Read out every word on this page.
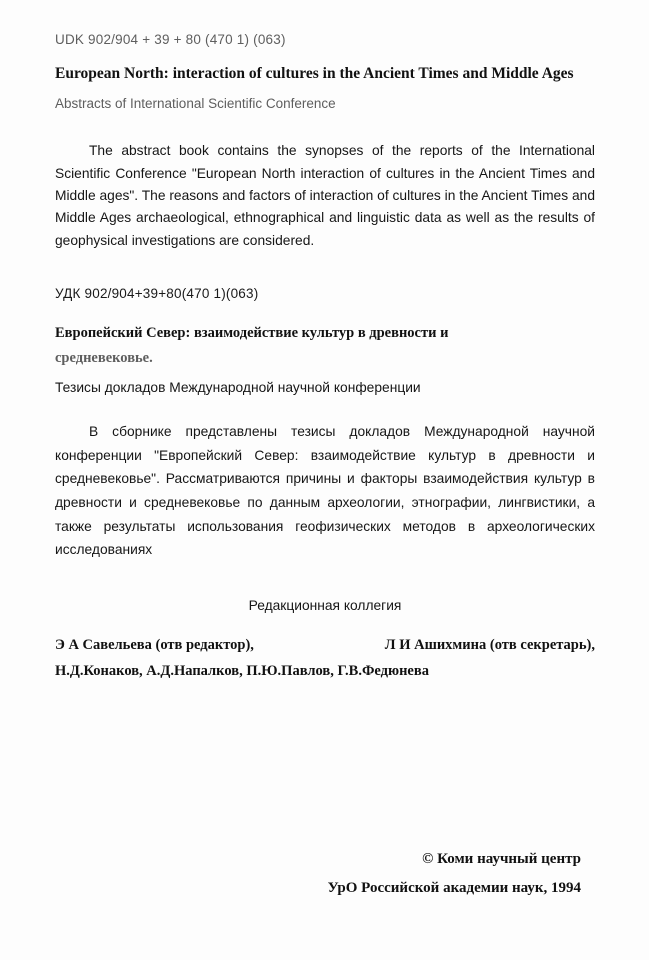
UDK 902/904 + 39 + 80 (470 1) (063)
European North: interaction of cultures in the Ancient Times and Middle Ages
Abstracts of International Scientific Conference
The abstract book contains the synopses of the reports of the International Scientific Conference "European North interaction of cultures in the Ancient Times and Middle ages". The reasons and factors of interaction of cultures in the Ancient Times and Middle Ages archaeological, ethnographical and linguistic data as well as the results of geophysical investigations are considered.
УДК 902/904+39+80(470 1)(063)
Европейский Север: взаимодействие культур в древности и
средневековье.
Тезисы докладов Международной научной конференции
В сборнике представлены тезисы докладов Международной научной конференции "Европейский Север: взаимодействие культур в древности и средневековье". Рассматриваются причины и факторы взаимодействия культур в древности и средневековье по данным археологии, этнографии, лингвистики, а также результаты использования геофизических методов в археологических исследованиях
Редакционная коллегия
Э А Савельева (отв редактор),	Л И Ашихмина (отв секретарь),
Н.Д.Конаков, А.Д.Напалков, П.Ю.Павлов, Г.В.Федюнева
© Коми научный центр
УрО Российской академии наук, 1994
